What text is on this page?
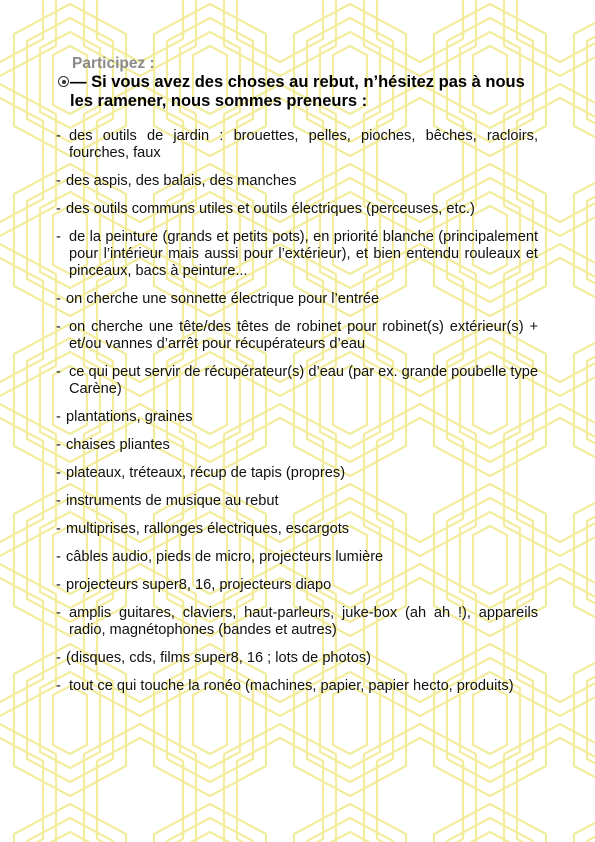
Participez :
— Si vous avez des choses au rebut, n’hésitez pas à nous les ramener, nous sommes preneurs :
- des outils de jardin : brouettes, pelles, pioches, bêches, racloirs, fourches, faux
- des aspis, des balais, des manches
- des outils communs utiles et outils électriques (perceuses, etc.)
- de la peinture (grands et petits pots), en priorité blanche (principalement pour l’intérieur mais aussi pour l’extérieur), et bien entendu rouleaux et pinceaux, bacs à peinture...
- on cherche une sonnette électrique pour l’entrée
- on cherche une tête/des têtes de robinet pour robinet(s) extérieur(s) + et/ou vannes d’arrêt pour récupérateurs d’eau
- ce qui peut servir de récupérateur(s) d’eau (par ex. grande poubelle type Carène)
- plantations, graines
- chaises pliantes
- plateaux, tréteaux, récup de tapis (propres)
- instruments de musique au rebut
- multiprises, rallonges électriques, escargots
- câbles audio, pieds de micro, projecteurs lumière
- projecteurs super8, 16, projecteurs diapo
- amplis guitares, claviers, haut-parleurs, juke-box (ah ah !), appareils radio, magnétophones (bandes et autres)
- (disques, cds, films super8, 16 ; lots de photos)
- tout ce qui touche la ronéo (machines, papier, papier hecto, produits)
